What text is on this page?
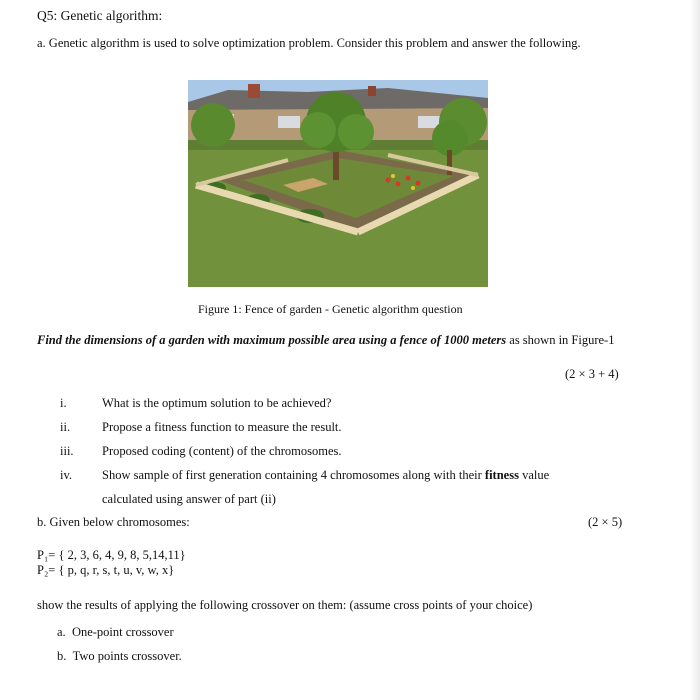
Q5: Genetic algorithm:
a. Genetic algorithm is used to solve optimization problem. Consider this problem and answer the following.
Figure 1: Fence of garden - Genetic algorithm question
Find the dimensions of a garden with maximum possible area using a fence of 1000 meters as shown in Figure-1
(2 × 3 + 4)
i.	What is the optimum solution to be achieved?
ii.	Propose a fitness function to measure the result.
iii. Proposed coding (content) of the chromosomes.
iv. Show sample of first generation containing 4 chromosomes along with their fitness value
calculated using answer of part (ii)
b. Given below chromosomes:	(2 × 5)
P₁= { 2, 3, 6, 4, 9, 8, 5,14,11}
P₂= { p, q, r, s, t, u, v, w, x}
show the results of applying the following crossover on them: (assume cross points of your choice)
a. One-point crossover
b. Two points crossover.
